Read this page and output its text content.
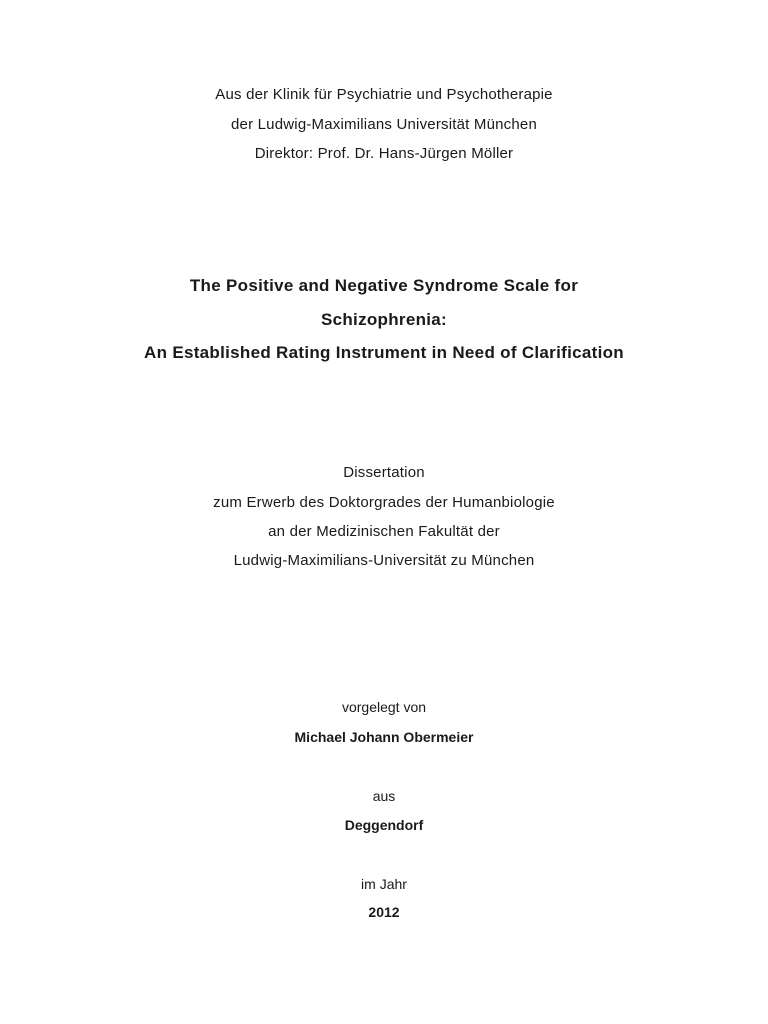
Aus der Klinik für Psychiatrie und Psychotherapie
der Ludwig-Maximilians Universität München
Direktor: Prof. Dr. Hans-Jürgen Möller
The Positive and Negative Syndrome Scale for
Schizophrenia:
An Established Rating Instrument in Need of Clarification
Dissertation
zum Erwerb des Doktorgrades der Humanbiologie
an der Medizinischen Fakultät der
Ludwig-Maximilians-Universität zu München
vorgelegt von
Michael Johann Obermeier
aus
Deggendorf
im Jahr
2012
